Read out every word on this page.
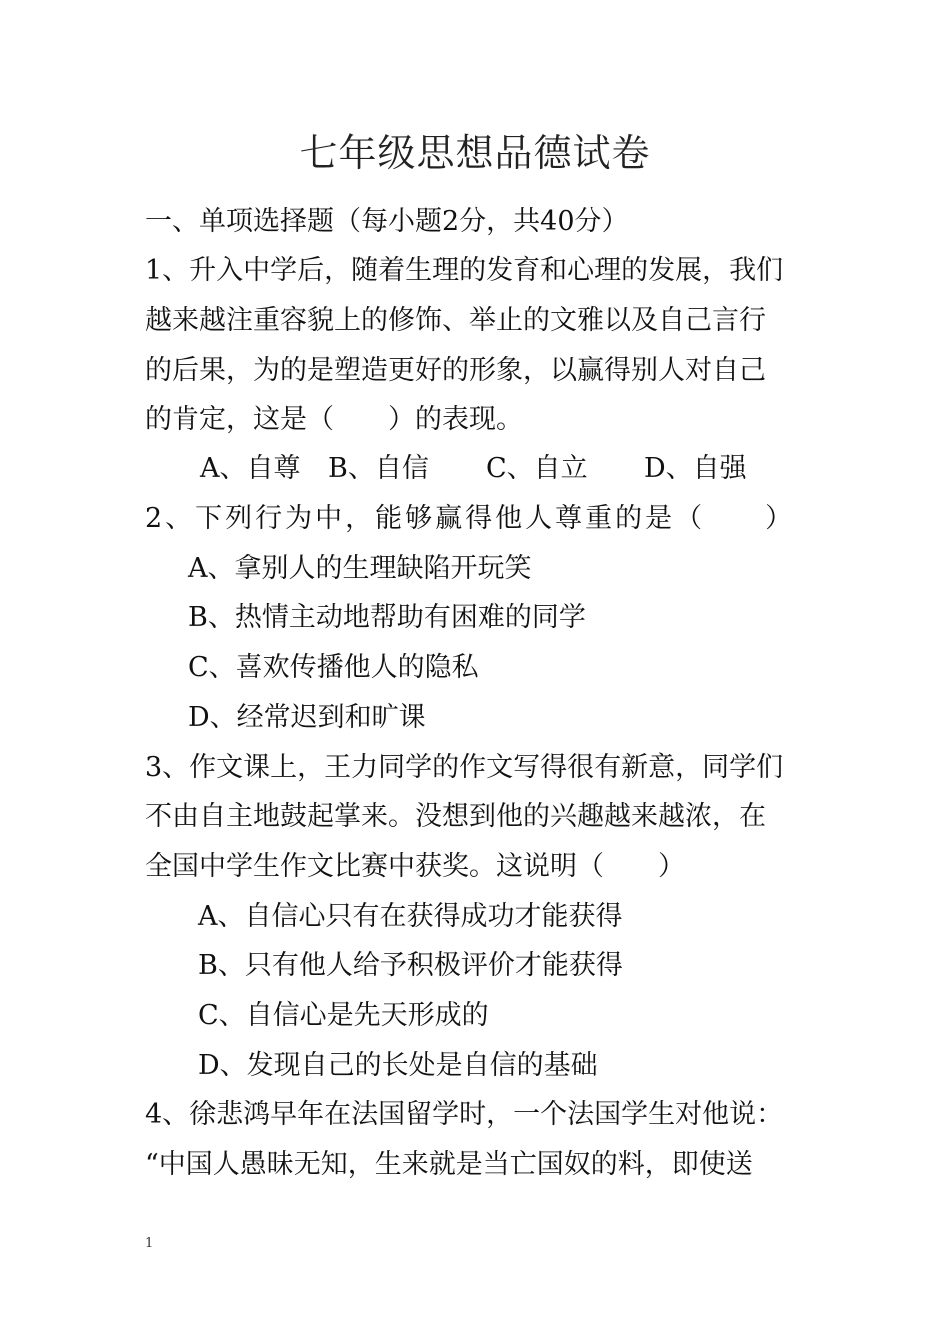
七年级思想品德试卷
一、单项选择题（每小题2分，共40分）
1、升入中学后，随着生理的发育和心理的发展，我们
越来越注重容貌上的修饰、举止的文雅以及自己言行
的后果，为的是塑造更好的形象，以赢得别人对自己
的肯定，这是（　　）的表现。
A、自尊 B、自信 C、自立 D、自强
2、下列行为中，能够赢得他人尊重的是（　　）
A、拿别人的生理缺陷开玩笑
B、热情主动地帮助有困难的同学
C、喜欢传播他人的隐私
D、经常迟到和旷课
3、作文课上，王力同学的作文写得很有新意，同学们
不由自主地鼓起掌来。没想到他的兴趣越来越浓，在
全国中学生作文比赛中获奖。这说明（　　）
A、自信心只有在获得成功才能获得
B、只有他人给予积极评价才能获得
C、自信心是先天形成的
D、发现自己的长处是自信的基础
4、徐悲鸿早年在法国留学时，一个法国学生对他说：
“中国人愚昧无知，生来就是当亡国奴的料，即使送
1
